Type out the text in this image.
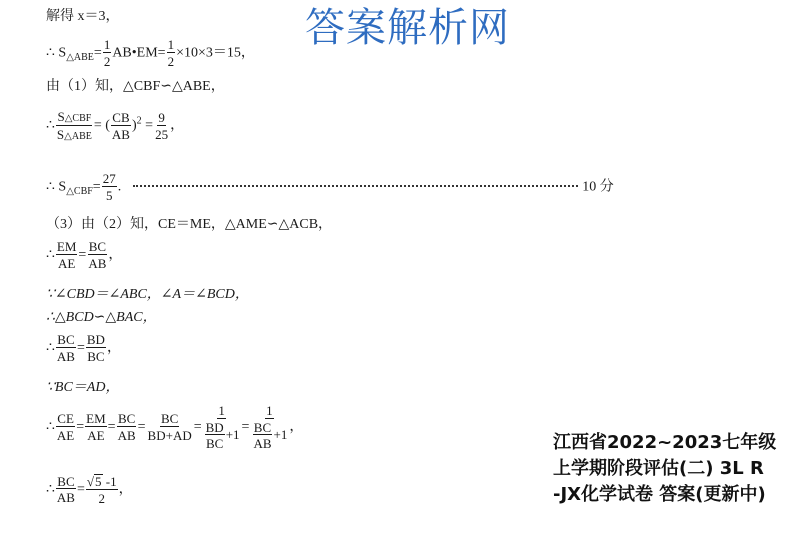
答案解析网
解得 x＝3，
∴ $S_{\triangle ABE}= \frac{1}{2}$ AB•EM= $\frac{1}{2} \times 10\times 3=15$，
由（1）知，△CBF∽△ABE，
∴ $\frac{\text{S△CBF}}{\text{S△ABE}}$ = ( $\frac{CB}{AB} )^2 = \frac{9}{25}$ ，
∴ $S_{\triangle CBF}= \frac{27}{5}$ .	10 分
（3）由（2）知，CE＝ME，△AME∽△ACB，
∴ $\frac{EM}{AE} = \frac{BC}{AB}$ ，
∵∠CBD＝∠ABC，∠A＝∠BCD，
∴△BCD∽△BAC，
∴ $\frac{BC}{AB} = \frac{BD}{BC}$ ，
∵BC＝AD，
∴ $\frac{CE}{AE} = \frac{EM}{AE} = \frac{BC}{AB} = \frac{BC}{BD+AD} = \frac{1}{\frac{BD}{BC} +1} = \frac{1}{\frac{BC}{AB} +1}$ ，
∴ $\frac{BC}{AB} = \frac{√5 -1}{2}$ ，
江西省2022~2023七年级
上学期阶段评估(二) 3L R
-JX化学试卷 答案(更新中)
